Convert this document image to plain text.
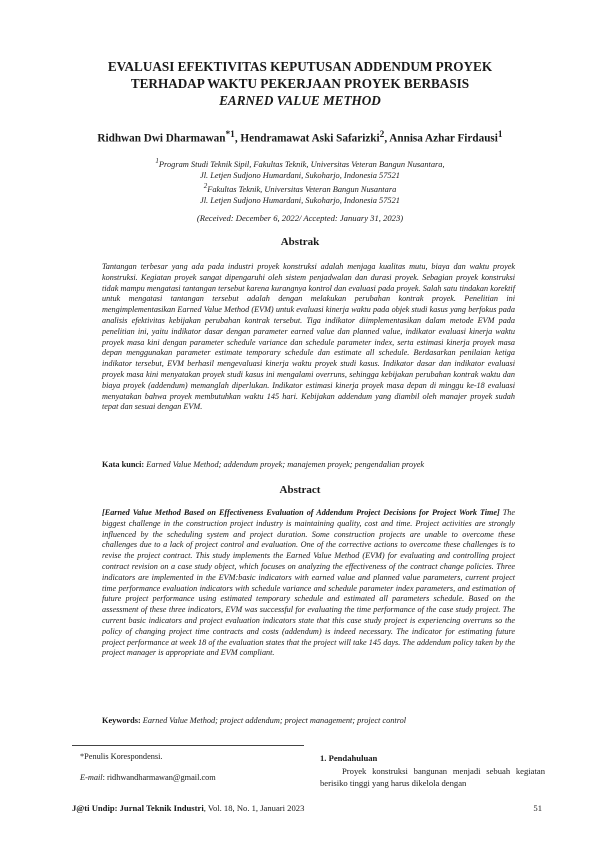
EVALUASI EFEKTIVITAS KEPUTUSAN ADDENDUM PROYEK
TERHADAP WAKTU PEKERJAAN PROYEK BERBASIS
EARNED VALUE METHOD
Ridhwan Dwi Dharmawan$^{*1}$, Hendramawat Aski Safarizki$^2$, Annisa Azhar Firdausi$^1$
$^1$Program Studi Teknik Sipil, Fakultas Teknik, Universitas Veteran Bangun Nusantara,
Jl. Letjen Sudjono Humardani, Sukoharjo, Indonesia 57521
$^2$Fakultas Teknik, Universitas Veteran Bangun Nusantara
Jl. Letjen Sudjono Humardani, Sukoharjo, Indonesia 57521
(Received: December 6, 2022/ Accepted: January 31, 2023)
Abstrak
Tantangan terbesar yang ada pada industri proyek konstruksi adalah menjaga kualitas mutu, biaya dan waktu proyek konstruksi. Kegiatan proyek sangat dipengaruhi oleh sistem penjadwalan dan durasi proyek. Sebagian proyek konstruksi tidak mampu mengatasi tantangan tersebut karena kurangnya kontrol dan evaluasi pada proyek. Salah satu tindakan korektif untuk mengatasi tantangan tersebut adalah dengan melakukan perubahan kontrak proyek. Penelitian ini mengimplementasikan Earned Value Method (EVM) untuk evaluasi kinerja waktu pada objek studi kasus yang berfokus pada analisis efektivitas kebijakan perubahan kontrak tersebut. Tiga indikator diimplementasikan dalam metode EVM pada penelitian ini, yaitu indikator dasar dengan parameter earned value dan planned value, indikator evaluasi kinerja waktu proyek masa kini dengan parameter schedule variance dan schedule parameter index, serta estimasi kinerja proyek masa depan menggunakan parameter estimate temporary schedule dan estimate all schedule. Berdasarkan penilaian ketiga indikator tersebut, EVM berhasil mengevaluasi kinerja waktu proyek studi kasus. Indikator dasar dan indikator evaluasi proyek masa kini menyatakan proyek studi kasus ini mengalami overruns, sehingga kebijakan perubahan kontrak waktu dan biaya proyek (addendum) memanglah diperlukan. Indikator estimasi kinerja proyek masa depan di minggu ke-18 evaluasi menyatakan bahwa proyek membutuhkan waktu 145 hari. Kebijakan addendum yang diambil oleh manajer proyek sudah tepat dan sesuai dengan EVM.
Kata kunci: Earned Value Method; addendum proyek; manajemen proyek; pengendalian proyek
Abstract
[Earned Value Method Based on Effectiveness Evaluation of Addendum Project Decisions for Project Work Time] The biggest challenge in the construction project industry is maintaining quality, cost and time. Project activities are strongly influenced by the scheduling system and project duration. Some construction projects are unable to overcome these challenges due to a lack of project control and evaluation. One of the corrective actions to overcome these challenges is to revise the project contract. This study implements the Earned Value Method (EVM) for evaluating and controlling project contract revision on a case study object, which focuses on analyzing the effectiveness of the contract change policies. Three indicators are implemented in the EVM:basic indicators with earned value and planned value parameters, current project time performance evaluation indicators with schedule variance and schedule parameter index parameters, and estimation of future project performance using estimated temporary schedule and estimated all parameters schedule. Based on the assessment of these three indicators, EVM was successful for evaluating the time performance of the case study project. The current basic indicators and project evaluation indicators state that this case study project is experiencing overruns so the policy of changing project time contracts and costs (addendum) is indeed necessary. The indicator for estimating future project performance at week 18 of the evaluation states that the project will take 145 days. The addendum policy taken by the project manager is appropriate and EVM compliant.
Keywords: Earned Value Method; project addendum; project management; project control
*Penulis Korespondensi.
E-mail: ridhwandharmawan@gmail.com
1. Pendahuluan
Proyek konstruksi bangunan menjadi sebuah kegiatan berisiko tinggi yang harus dikelola dengan
J@ti Undip: Jurnal Teknik Industri, Vol. 18, No. 1, Januari 2023	51
